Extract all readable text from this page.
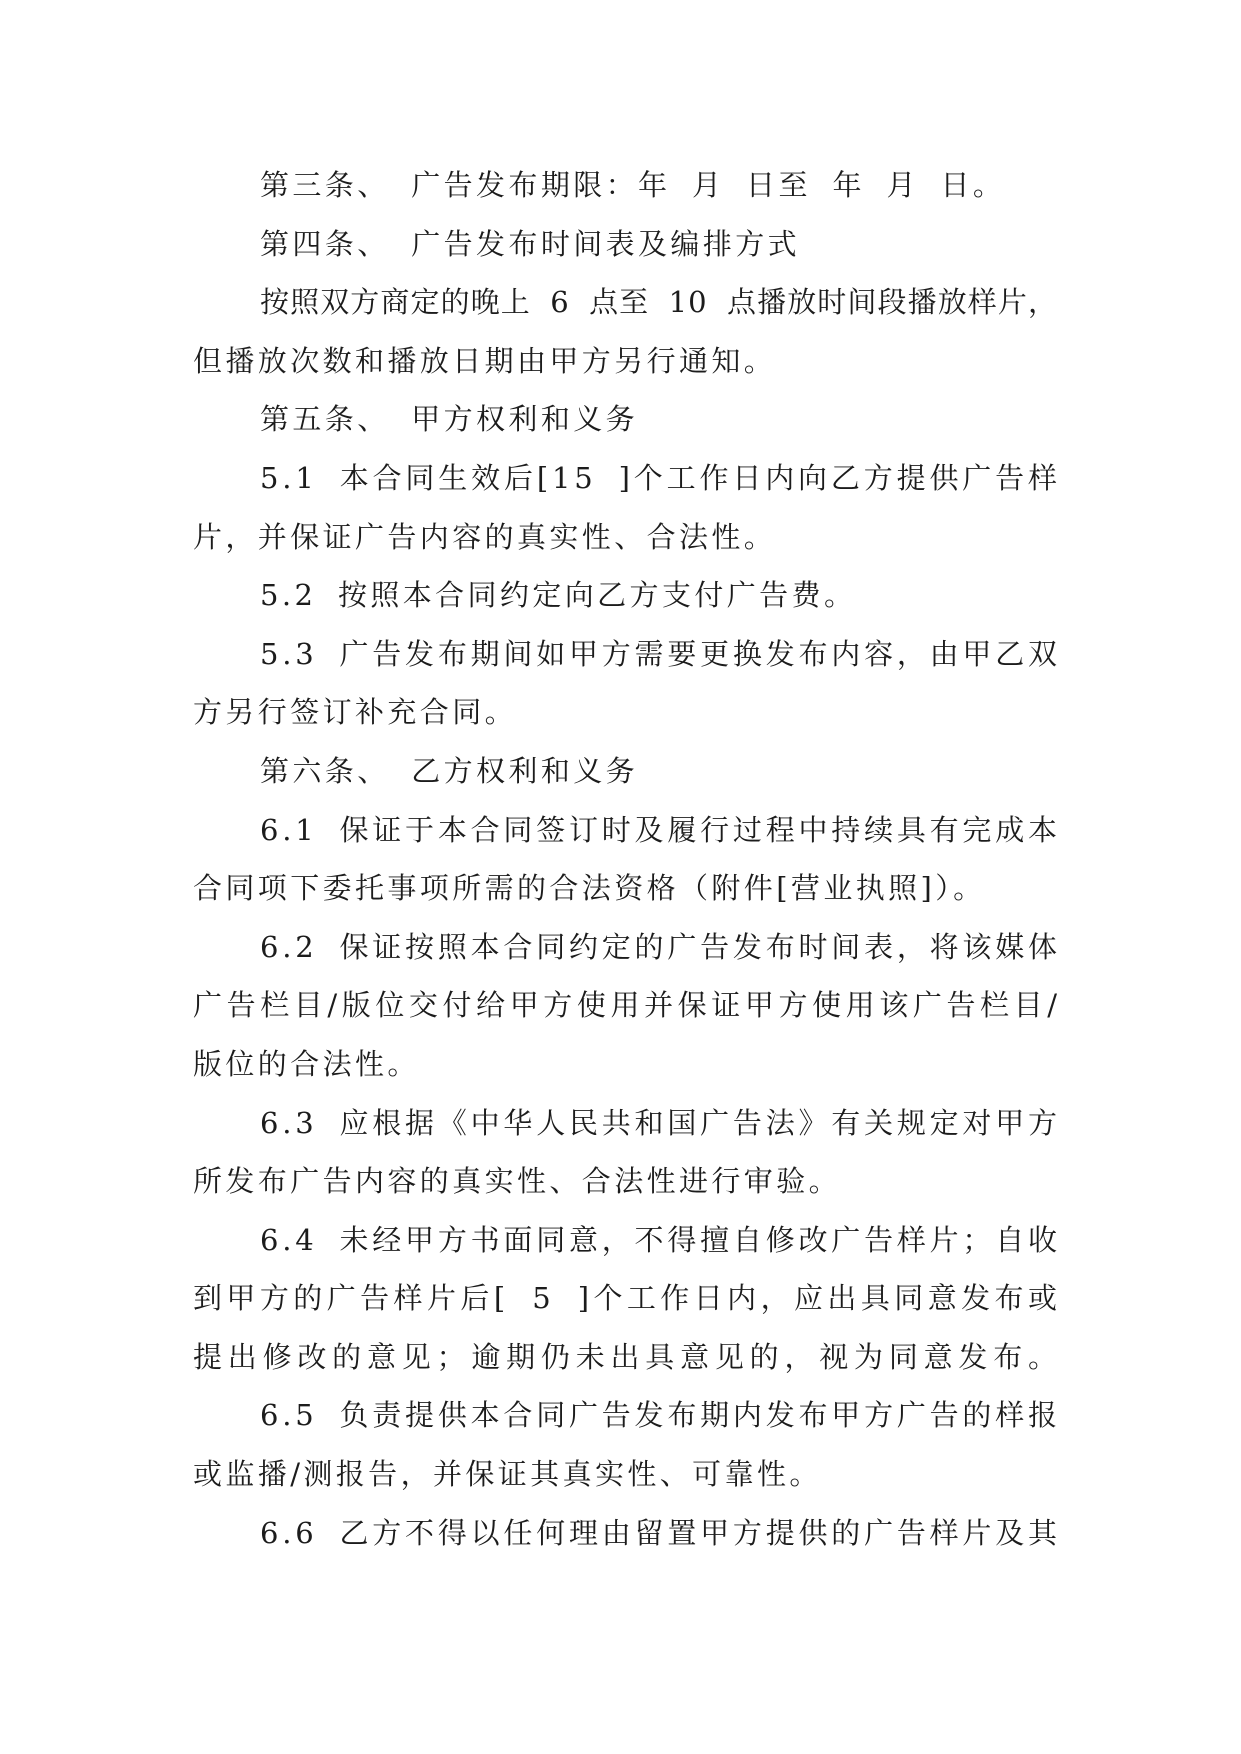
第三条、 广告发布期限：年 月 日至 年 月 日。
第四条、 广告发布时间表及编排方式
按照双方商定的晚上 6 点至 10 点播放时间段播放样片，
但播放次数和播放日期由甲方另行通知。
第五条、 甲方权利和义务
5.1 本合同生效后[15 ]个工作日内向乙方提供广告样
片，并保证广告内容的真实性、合法性。
5.2 按照本合同约定向乙方支付广告费。
5.3 广告发布期间如甲方需要更换发布内容，由甲乙双
方另行签订补充合同。
第六条、 乙方权利和义务
6.1 保证于本合同签订时及履行过程中持续具有完成本
合同项下委托事项所需的合法资格（附件[营业执照]）。
6.2 保证按照本合同约定的广告发布时间表，将该媒体
广告栏目/版位交付给甲方使用并保证甲方使用该广告栏目/
版位的合法性。
6.3 应根据《中华人民共和国广告法》有关规定对甲方
所发布广告内容的真实性、合法性进行审验。
6.4 未经甲方书面同意，不得擅自修改广告样片；自收
到甲方的广告样片后[ 5 ]个工作日内，应出具同意发布或
提出修改的意见；逾期仍未出具意见的，视为同意发布。
6.5 负责提供本合同广告发布期内发布甲方广告的样报
或监播/测报告，并保证其真实性、可靠性。
6.6 乙方不得以任何理由留置甲方提供的广告样片及其
